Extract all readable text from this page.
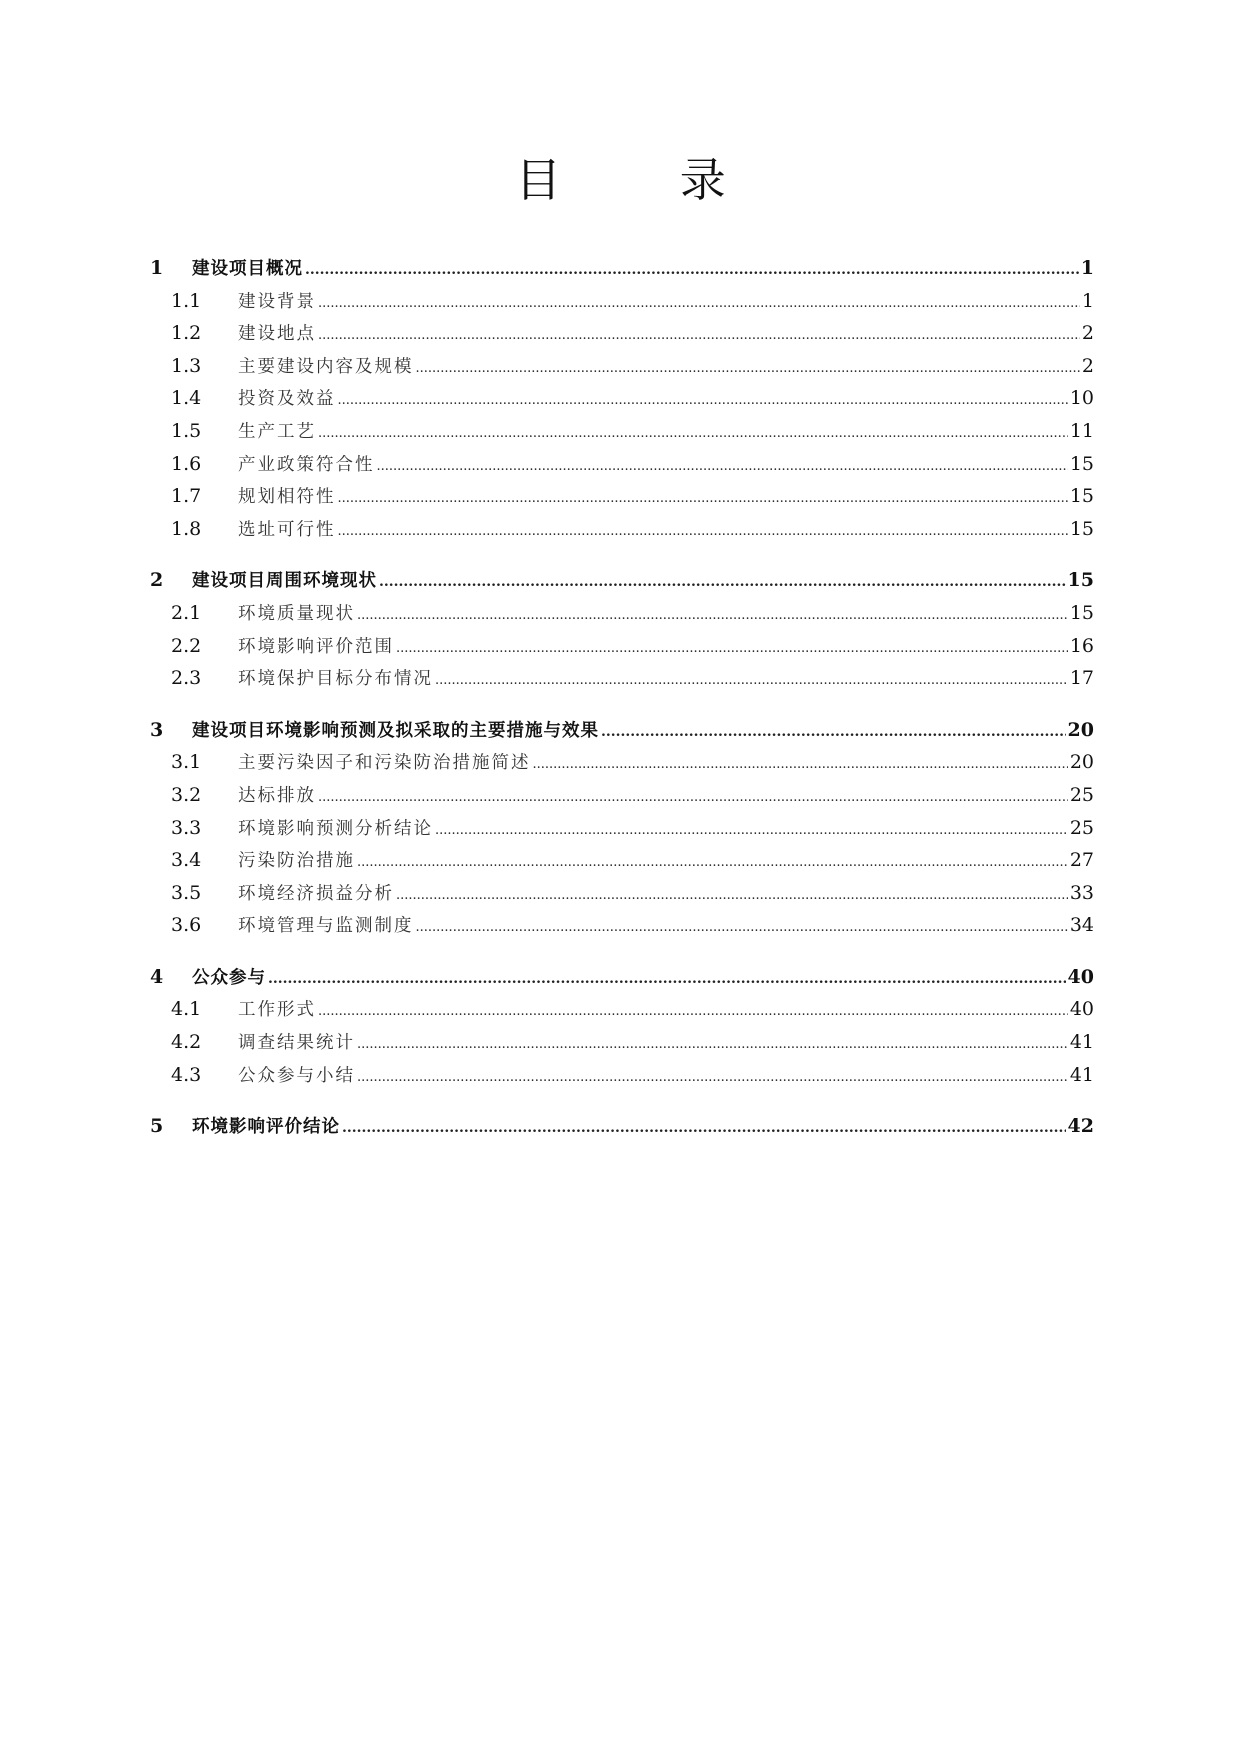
目 录
1	建设项目概况 .....	1
1.1	建设背景 .....	1
1.2	建设地点 .....	2
1.3	主要建设内容及规模 .....	2
1.4	投资及效益 .....	10
1.5	生产工艺 .....	11
1.6	产业政策符合性 .....	15
1.7	规划相符性 .....	15
1.8	选址可行性 .....	15
2	建设项目周围环境现状 .....	15
2.1	环境质量现状 .....	15
2.2	环境影响评价范围 .....	16
2.3	环境保护目标分布情况 .....	17
3	建设项目环境影响预测及拟采取的主要措施与效果 .....	20
3.1	主要污染因子和污染防治措施简述 .....	20
3.2	达标排放 .....	25
3.3	环境影响预测分析结论 .....	25
3.4	污染防治措施 .....	27
3.5	环境经济损益分析 .....	33
3.6	环境管理与监测制度 .....	34
4	公众参与 .....	40
4.1	工作形式 .....	40
4.2	调查结果统计 .....	41
4.3	公众参与小结 .....	41
5	环境影响评价结论 .....	42
